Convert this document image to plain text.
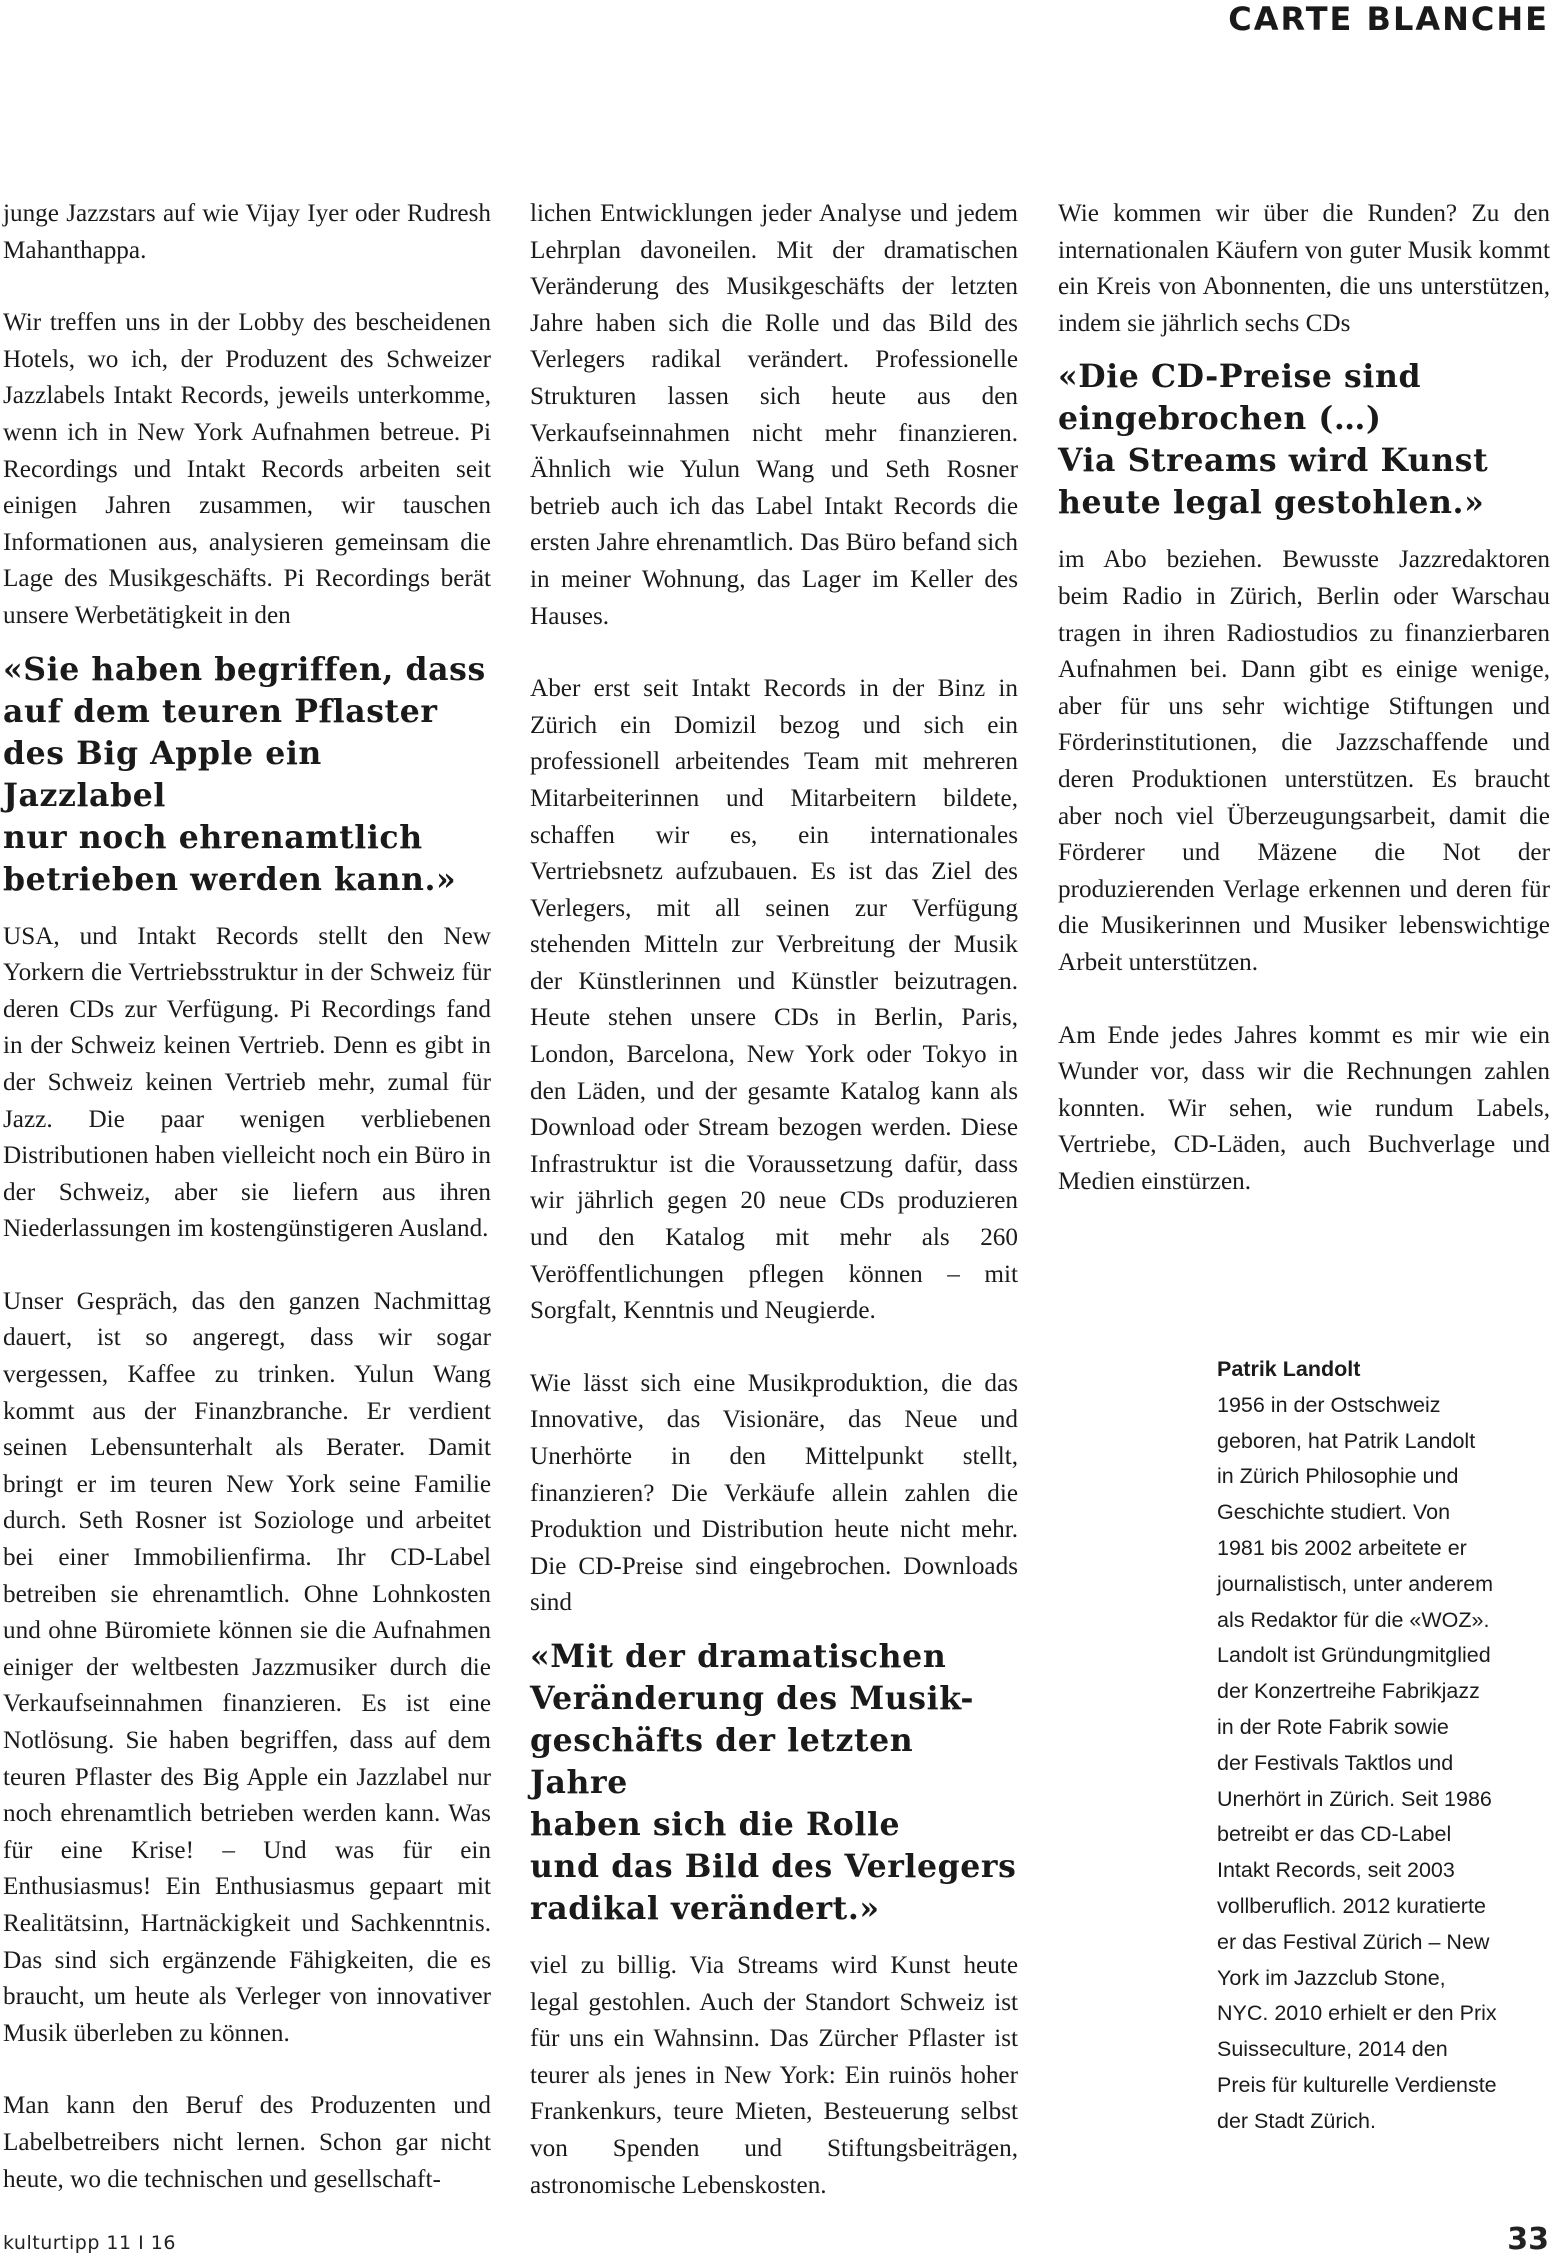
CARTE BLANCHE

junge Jazzstars auf wie Vijay Iyer oder Rudresh Mahanthappa.

Wir treffen uns in der Lobby des bescheidenen Hotels, wo ich, der Produzent des Schweizer Jazzlabels Intakt Records, jeweils unterkomme, wenn ich in New York Aufnahmen betreue. Pi Recordings und Intakt Records arbeiten seit einigen Jahren zusammen, wir tauschen Informationen aus, analysieren gemeinsam die Lage des Musikgeschäfts. Pi Recordings berät unsere Werbetätigkeit in den

«Sie haben begriffen, dass
auf dem teuren Pflaster
des Big Apple ein Jazzlabel
nur noch ehrenamtlich
betrieben werden kann.»

USA, und Intakt Records stellt den New Yorkern die Vertriebsstruktur in der Schweiz für deren CDs zur Verfügung. Pi Recordings fand in der Schweiz keinen Vertrieb. Denn es gibt in der Schweiz keinen Vertrieb mehr, zumal für Jazz. Die paar wenigen verbliebenen Distributionen haben vielleicht noch ein Büro in der Schweiz, aber sie liefern aus ihren Niederlassungen im kostengünstigeren Ausland.

Unser Gespräch, das den ganzen Nachmittag dauert, ist so angeregt, dass wir sogar vergessen, Kaffee zu trinken. Yulun Wang kommt aus der Finanzbranche. Er verdient seinen Lebensunterhalt als Berater. Damit bringt er im teuren New York seine Familie durch. Seth Rosner ist Soziologe und arbeitet bei einer Immobilienfirma. Ihr CD-Label betreiben sie ehrenamtlich. Ohne Lohnkosten und ohne Büromiete können sie die Aufnahmen einiger der weltbesten Jazzmusiker durch die Verkaufseinnahmen finanzieren. Es ist eine Notlösung. Sie haben begriffen, dass auf dem teuren Pflaster des Big Apple ein Jazzlabel nur noch ehrenamtlich betrieben werden kann. Was für eine Krise! – Und was für ein Enthusiasmus! Ein Enthusiasmus gepaart mit Realitätsinn, Hartnäckigkeit und Sachkenntnis. Das sind sich ergänzende Fähigkeiten, die es braucht, um heute als Verleger von innovativer Musik überleben zu können.

Man kann den Beruf des Produzenten und Labelbetreibers nicht lernen. Schon gar nicht heute, wo die technischen und gesellschaft-

lichen Entwicklungen jeder Analyse und jedem Lehrplan davoneilen. Mit der dramatischen Veränderung des Musikgeschäfts der letzten Jahre haben sich die Rolle und das Bild des Verlegers radikal verändert. Professionelle Strukturen lassen sich heute aus den Verkaufseinnahmen nicht mehr finanzieren. Ähnlich wie Yulun Wang und Seth Rosner betrieb auch ich das Label Intakt Records die ersten Jahre ehrenamtlich. Das Büro befand sich in meiner Wohnung, das Lager im Keller des Hauses.

Aber erst seit Intakt Records in der Binz in Zürich ein Domizil bezog und sich ein professionell arbeitendes Team mit mehreren Mitarbeiterinnen und Mitarbeitern bildete, schaffen wir es, ein internationales Vertriebsnetz aufzubauen. Es ist das Ziel des Verlegers, mit all seinen zur Verfügung stehenden Mitteln zur Verbreitung der Musik der Künstlerinnen und Künstler beizutragen. Heute stehen unsere CDs in Berlin, Paris, London, Barcelona, New York oder Tokyo in den Läden, und der gesamte Katalog kann als Download oder Stream bezogen werden. Diese Infrastruktur ist die Voraussetzung dafür, dass wir jährlich gegen 20 neue CDs produzieren und den Katalog mit mehr als 260 Veröffentlichungen pflegen können – mit Sorgfalt, Kenntnis und Neugierde.

Wie lässt sich eine Musikproduktion, die das Innovative, das Visionäre, das Neue und Unerhörte in den Mittelpunkt stellt, finanzieren? Die Verkäufe allein zahlen die Produktion und Distribution heute nicht mehr. Die CD-Preise sind eingebrochen. Downloads sind

«Mit der dramatischen
Veränderung des Musik-
geschäfts der letzten Jahre
haben sich die Rolle
und das Bild des Verlegers
radikal verändert.»

viel zu billig. Via Streams wird Kunst heute legal gestohlen. Auch der Standort Schweiz ist für uns ein Wahnsinn. Das Zürcher Pflaster ist teurer als jenes in New York: Ein ruinös hoher Frankenkurs, teure Mieten, Besteuerung selbst von Spenden und Stiftungsbeiträgen, astronomische Lebenskosten.

Wie kommen wir über die Runden? Zu den internationalen Käufern von guter Musik kommt ein Kreis von Abonnenten, die uns unterstützen, indem sie jährlich sechs CDs

«Die CD-Preise sind
eingebrochen (…)
Via Streams wird Kunst
heute legal gestohlen.»

im Abo beziehen. Bewusste Jazzredaktoren beim Radio in Zürich, Berlin oder Warschau tragen in ihren Radiostudios zu finanzierbaren Aufnahmen bei. Dann gibt es einige wenige, aber für uns sehr wichtige Stiftungen und Förderinstitutionen, die Jazzschaffende und deren Produktionen unterstützen. Es braucht aber noch viel Überzeugungsarbeit, damit die Förderer und Mäzene die Not der produzierenden Verlage erkennen und deren für die Musikerinnen und Musiker lebenswichtige Arbeit unterstützen.

Am Ende jedes Jahres kommt es mir wie ein Wunder vor, dass wir die Rechnungen zahlen konnten. Wir sehen, wie rundum Labels, Vertriebe, CD-Läden, auch Buchverlage und Medien einstürzen.

Patrik Landolt
1956 in der Ostschweiz
geboren, hat Patrik Landolt
in Zürich Philosophie und
Geschichte studiert. Von
1981 bis 2002 arbeitete er
journalistisch, unter anderem
als Redaktor für die «WOZ».
Landolt ist Gründungmitglied
der Konzertreihe Fabrikjazz
in der Rote Fabrik sowie
der Festivals Taktlos und
Unerhört in Zürich. Seit 1986
betreibt er das CD-Label
Intakt Records, seit 2003
vollberuflich. 2012 kuratierte
er das Festival Zürich – New
York im Jazzclub Stone,
NYC. 2010 erhielt er den Prix
Suisseculture, 2014 den
Preis für kulturelle Verdienste
der Stadt Zürich.
kulturtipp 11 I 16	33
